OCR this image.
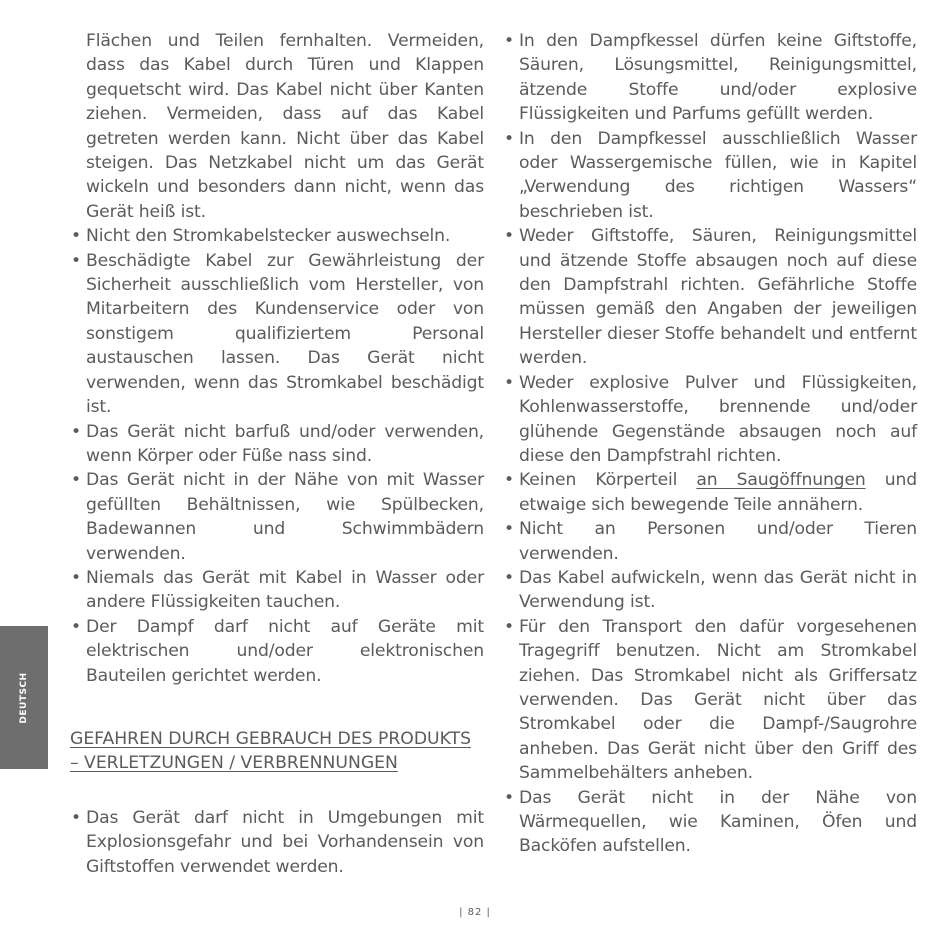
DEUTSCH
Flächen und Teilen fernhalten. Vermeiden, dass das Kabel durch Türen und Klappen gequetscht wird. Das Kabel nicht über Kanten ziehen. Vermeiden, dass auf das Kabel getreten werden kann. Nicht über das Kabel steigen. Das Netzkabel nicht um das Gerät wickeln und besonders dann nicht, wenn das Gerät heiß ist.
• Nicht den Stromkabelstecker auswechseln.
• Beschädigte Kabel zur Gewährleistung der Sicherheit ausschließlich vom Hersteller, von Mitarbeitern des Kundenservice oder von sonstigem qualifiziertem Personal austauschen lassen. Das Gerät nicht verwenden, wenn das Stromkabel beschädigt ist.
• Das Gerät nicht barfuß und/oder verwenden, wenn Körper oder Füße nass sind.
• Das Gerät nicht in der Nähe von mit Wasser gefüllten Behältnissen, wie Spülbecken, Badewannen und Schwimmbädern verwenden.
• Niemals das Gerät mit Kabel in Wasser oder andere Flüssigkeiten tauchen.
• Der Dampf darf nicht auf Geräte mit elektrischen und/oder elektronischen Bauteilen gerichtet werden.
GEFAHREN DURCH GEBRAUCH DES PRODUKTS – VERLETZUNGEN / VERBRENNUNGEN
• Das Gerät darf nicht in Umgebungen mit Explosionsgefahr und bei Vorhandensein von Giftstoffen verwendet werden.
• In den Dampfkessel dürfen keine Giftstoffe, Säuren, Lösungsmittel, Reinigungsmittel, ätzende Stoffe und/oder explosive Flüssigkeiten und Parfums gefüllt werden.
• In den Dampfkessel ausschließlich Wasser oder Wassergemische füllen, wie in Kapitel „Verwendung des richtigen Wassers“ beschrieben ist.
• Weder Giftstoffe, Säuren, Reinigungsmittel und ätzende Stoffe absaugen noch auf diese den Dampfstrahl richten. Gefährliche Stoffe müssen gemäß den Angaben der jeweiligen Hersteller dieser Stoffe behandelt und entfernt werden.
• Weder explosive Pulver und Flüssigkeiten, Kohlenwasserstoffe, brennende und/oder glühende Gegenstände absaugen noch auf diese den Dampfstrahl richten.
• Keinen Körperteil an Saugöffnungen und etwaige sich bewegende Teile annähern.
• Nicht an Personen und/oder Tieren verwenden.
• Das Kabel aufwickeln, wenn das Gerät nicht in Verwendung ist.
• Für den Transport den dafür vorgesehenen Tragegriff benutzen. Nicht am Stromkabel ziehen. Das Stromkabel nicht als Griffersatz verwenden. Das Gerät nicht über das Stromkabel oder die Dampf-/Saugrohre anheben. Das Gerät nicht über den Griff des Sammelbehälters anheben.
• Das Gerät nicht in der Nähe von Wärmequellen, wie Kaminen, Öfen und Backöfen aufstellen.
| 82 |
